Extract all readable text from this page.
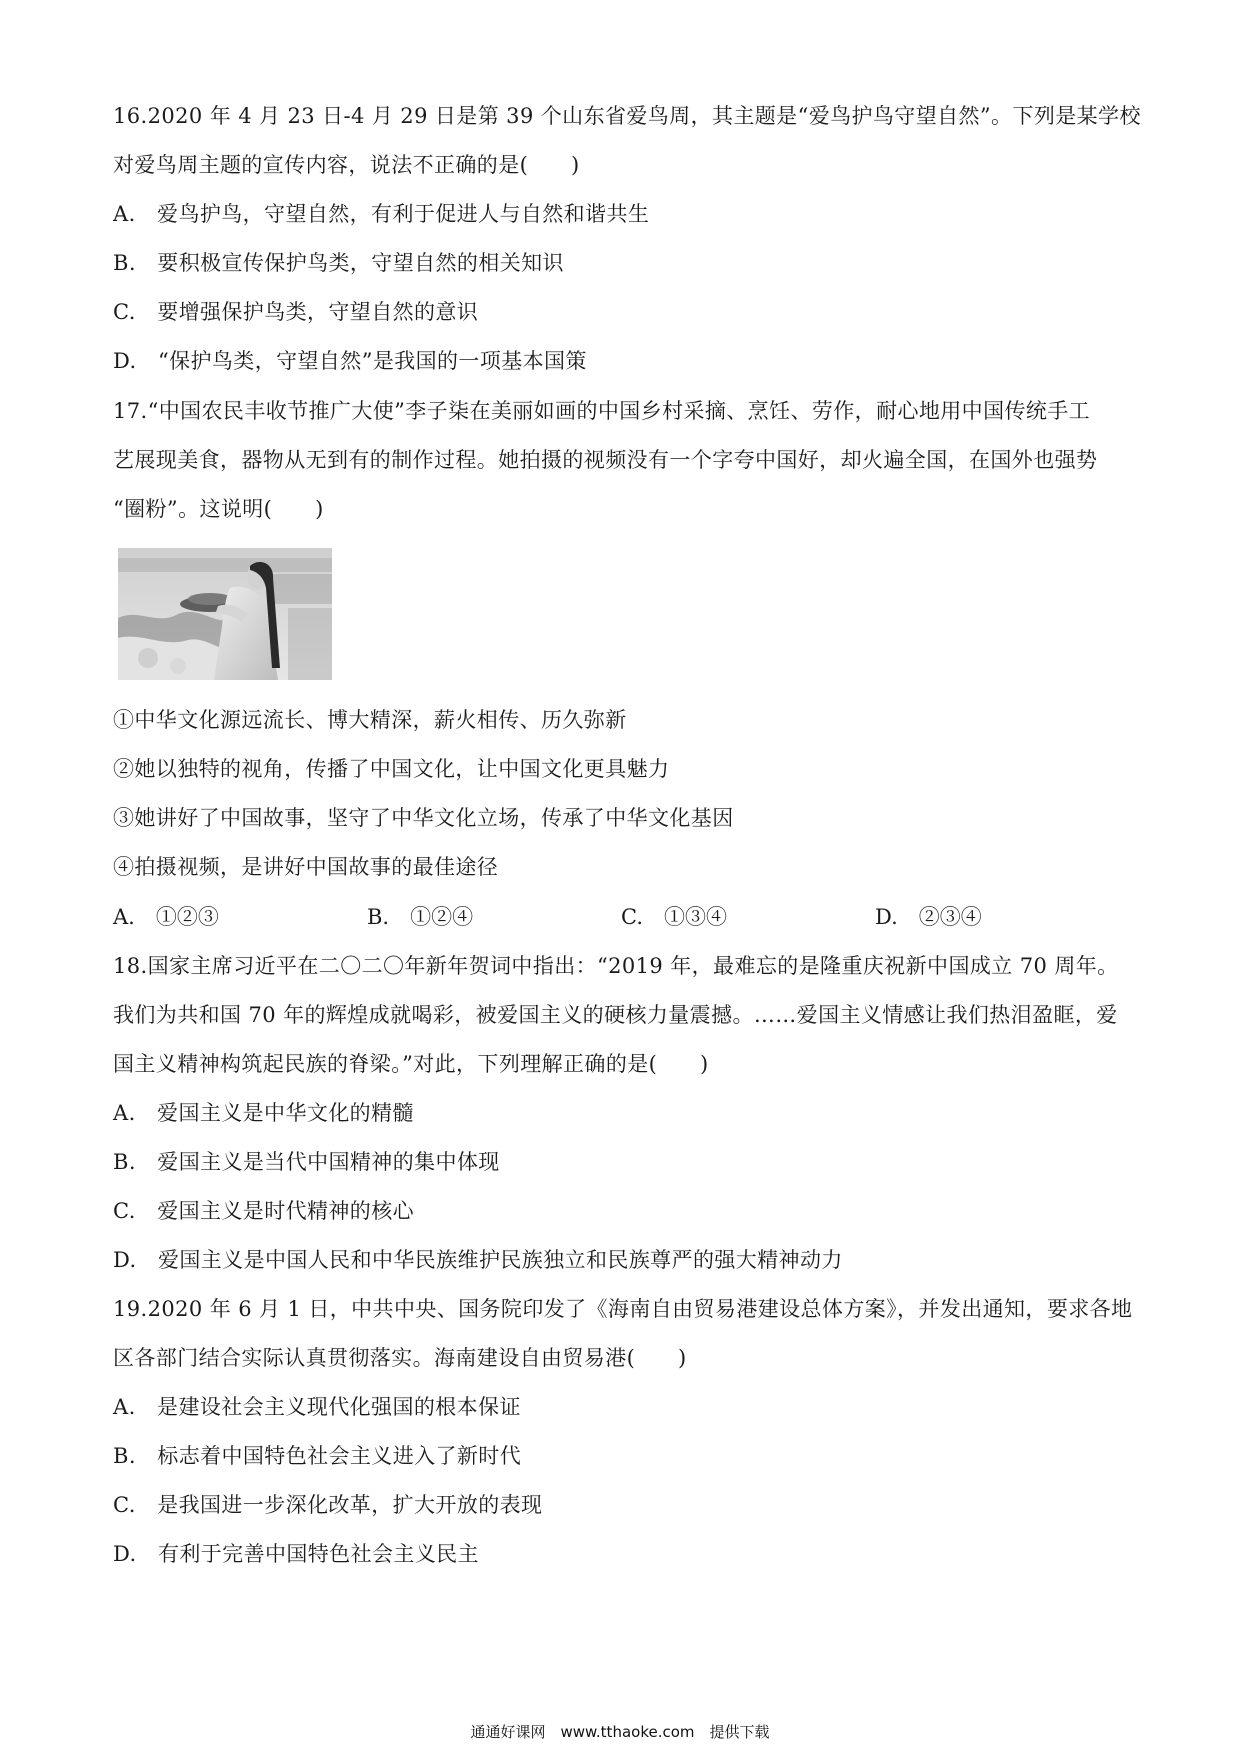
16.2020 年 4 月 23 日-4 月 29 日是第 39 个山东省爱鸟周，其主题是“爱鸟护鸟守望自然”。下列是某学校
对爱鸟周主题的宣传内容，说法不正确的是(　　)
A.　爱鸟护鸟，守望自然，有利于促进人与自然和谐共生
B.　要积极宣传保护鸟类，守望自然的相关知识
C.　要增强保护鸟类，守望自然的意识
D.　“保护鸟类，守望自然”是我国的一项基本国策
17.“中国农民丰收节推广大使”李子柒在美丽如画的中国乡村采摘、烹饪、劳作，耐心地用中国传统手工
艺展现美食，器物从无到有的制作过程。她拍摄的视频没有一个字夸中国好，却火遍全国，在国外也强势
“圈粉”。这说明(　　)
①中华文化源远流长、博大精深，薪火相传、历久弥新
②她以独特的视角，传播了中国文化，让中国文化更具魅力
③她讲好了中国故事，坚守了中华文化立场，传承了中华文化基因
④拍摄视频，是讲好中国故事的最佳途径
A.　①②③	B.　①②④	C.　①③④	D.　②③④
18.国家主席习近平在二〇二〇年新年贺词中指出：“2019 年，最难忘的是隆重庆祝新中国成立 70 周年。
我们为共和国 70 年的辉煌成就喝彩，被爱国主义的硬核力量震撼。……爱国主义情感让我们热泪盈眶，爱
国主义精神构筑起民族的脊梁。”对此，下列理解正确的是(　　)
A.　爱国主义是中华文化的精髓
B.　爱国主义是当代中国精神的集中体现
C.　爱国主义是时代精神的核心
D.　爱国主义是中国人民和中华民族维护民族独立和民族尊严的强大精神动力
19.2020 年 6 月 1 日，中共中央、国务院印发了《海南自由贸易港建设总体方案》，并发出通知，要求各地
区各部门结合实际认真贯彻落实。海南建设自由贸易港(　　)
A.　是建设社会主义现代化强国的根本保证
B.　标志着中国特色社会主义进入了新时代
C.　是我国进一步深化改革，扩大开放的表现
D.　有利于完善中国特色社会主义民主
通通好课网　www.tthaoke.com　提供下载
